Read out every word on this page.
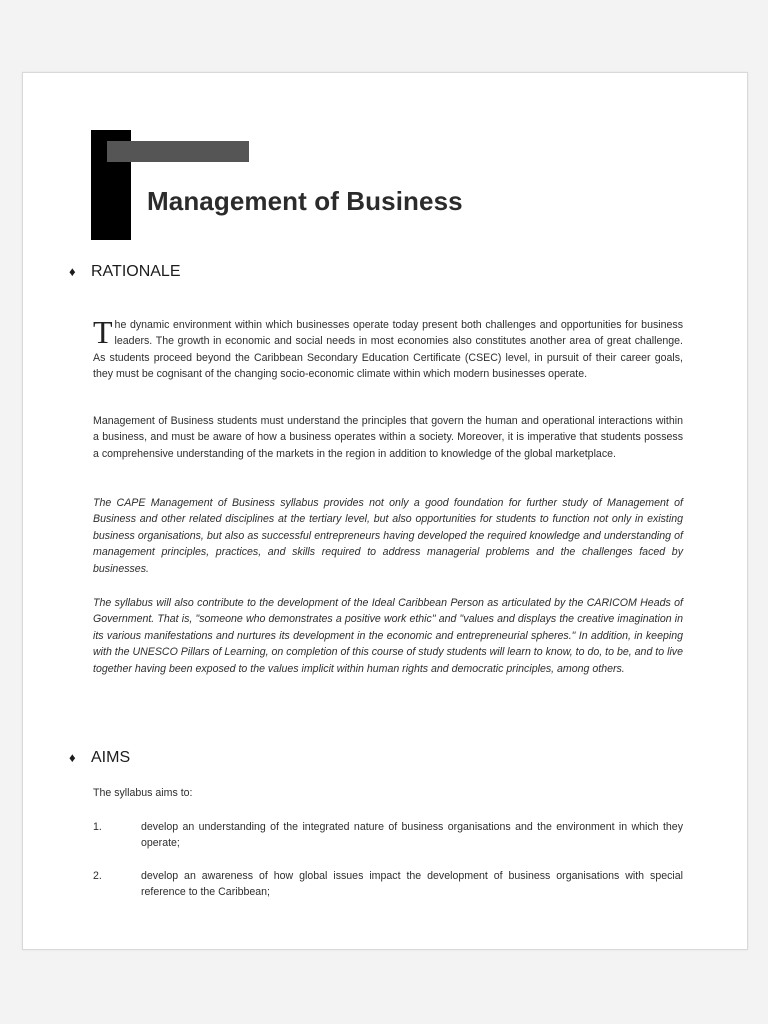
Management of Business
♦ RATIONALE

The dynamic environment within which businesses operate today present both challenges and opportunities for business leaders. The growth in economic and social needs in most economies also constitutes another area of great challenge. As students proceed beyond the Caribbean Secondary Education Certificate (CSEC) level, in pursuit of their career goals, they must be cognisant of the changing socio-economic climate within which modern businesses operate.

Management of Business students must understand the principles that govern the human and operational interactions within a business, and must be aware of how a business operates within a society. Moreover, it is imperative that students possess a comprehensive understanding of the markets in the region in addition to knowledge of the global marketplace.

The CAPE Management of Business syllabus provides not only a good foundation for further study of Management of Business and other related disciplines at the tertiary level, but also opportunities for students to function not only in existing business organisations, but also as successful entrepreneurs having developed the required knowledge and understanding of management principles, practices, and skills required to address managerial problems and the challenges faced by businesses.

The syllabus will also contribute to the development of the Ideal Caribbean Person as articulated by the CARICOM Heads of Government. That is, "someone who demonstrates a positive work ethic" and "values and displays the creative imagination in its various manifestations and nurtures its development in the economic and entrepreneurial spheres." In addition, in keeping with the UNESCO Pillars of Learning, on completion of this course of study students will learn to know, to do, to be, and to live together having been exposed to the values implicit within human rights and democratic principles, among others.

♦ AIMS

The syllabus aims to:

1.	develop an understanding of the integrated nature of business organisations and the environment in which they operate;
2.	develop an awareness of how global issues impact the development of business organisations with special reference to the Caribbean;
